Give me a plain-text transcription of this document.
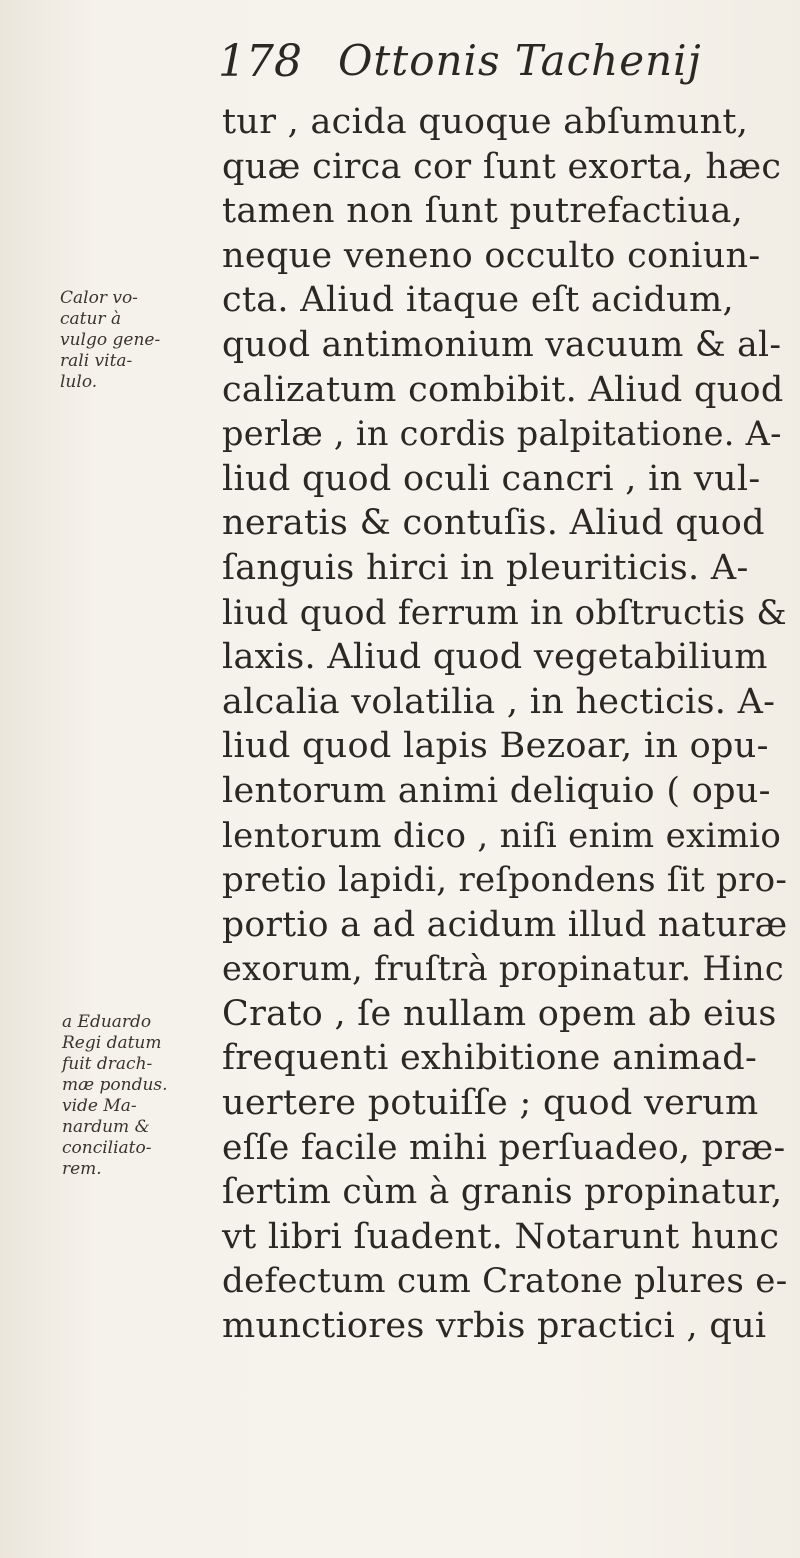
178 Ottonis Tachenij
Calor vo-
catur à
vulgo gene-
rali vita-
lulo.
a Eduardo
Regi datum
fuit drach-
mæ pondus.
vide Ma-
nardum &
conciliato-
rem.
tur , acida quoque abſumunt,
quæ circa cor ſunt exorta, hæc
tamen non ſunt putrefactiua,
neque veneno occulto coniun-
cta. Aliud itaque eſt acidum,
quod antimonium vacuum & al-
calizatum combibit. Aliud quod
perlæ , in cordis palpitatione. A-
liud quod oculi cancri , in vul-
neratis & contuſis. Aliud quod
ſanguis hirci in pleuriticis. A-
liud quod ferrum in obſtructis &
laxis. Aliud quod vegetabilium
alcalia volatilia , in hecticis. A-
liud quod lapis Bezoar, in opu-
lentorum animi deliquio ( opu-
lentorum dico , niſi enim eximio
pretio lapidi, reſpondens ſit pro-
portio a ad acidum illud naturæ
exorum, fruſtrà propinatur. Hinc
Crato , ſe nullam opem ab eius
frequenti exhibitione animad-
uertere potuiſſe ; quod verum
eſſe facile mihi perſuadeo, præ-
ſertim cùm à granis propinatur,
vt libri ſuadent. Notarunt hunc
defectum cum Cratone plures e-
munctiores vrbis practici , qui
